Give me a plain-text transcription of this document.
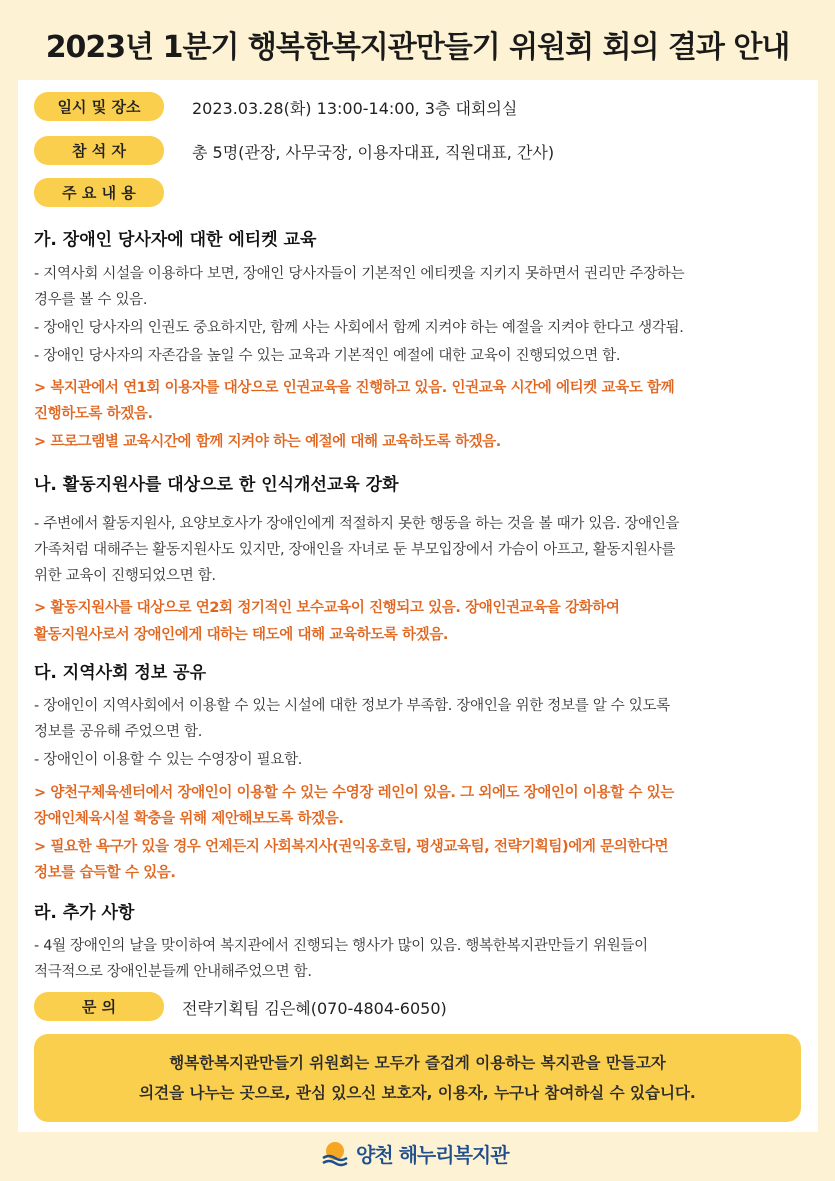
2023년 1분기 행복한복지관만들기 위원회 회의 결과 안내
일시 및 장소	2023.03.28(화) 13:00-14:00, 3층 대회의실
참 석 자	총 5명(관장, 사무국장, 이용자대표, 직원대표, 간사)
주 요 내 용
가. 장애인 당사자에 대한 에티켓 교육
- 지역사회 시설을 이용하다 보면, 장애인 당사자들이 기본적인 에티켓을 지키지 못하면서 권리만 주장하는
경우를 볼 수 있음.
- 장애인 당사자의 인권도 중요하지만, 함께 사는 사회에서 함께 지켜야 하는 예절을 지켜야 한다고 생각됨.
- 장애인 당사자의 자존감을 높일 수 있는 교육과 기본적인 예절에 대한 교육이 진행되었으면 함.
> 복지관에서 연1회 이용자를 대상으로 인권교육을 진행하고 있음. 인권교육 시간에 에티켓 교육도 함께
진행하도록 하겠음.
> 프로그램별 교육시간에 함께 지켜야 하는 예절에 대해 교육하도록 하겠음.
나. 활동지원사를 대상으로 한 인식개선교육 강화
- 주변에서 활동지원사, 요양보호사가 장애인에게 적절하지 못한 행동을 하는 것을 볼 때가 있음. 장애인을
가족처럼 대해주는 활동지원사도 있지만, 장애인을 자녀로 둔 부모입장에서 가슴이 아프고, 활동지원사를
위한 교육이 진행되었으면 함.
> 활동지원사를 대상으로 연2회 정기적인 보수교육이 진행되고 있음. 장애인권교육을 강화하여
활동지원사로서 장애인에게 대하는 태도에 대해 교육하도록 하겠음.
다. 지역사회 정보 공유
- 장애인이 지역사회에서 이용할 수 있는 시설에 대한 정보가 부족함. 장애인을 위한 정보를 알 수 있도록
정보를 공유해 주었으면 함.
- 장애인이 이용할 수 있는 수영장이 필요함.
> 양천구체육센터에서 장애인이 이용할 수 있는 수영장 레인이 있음. 그 외에도 장애인이 이용할 수 있는
장애인체육시설 확충을 위해 제안해보도록 하겠음.
> 필요한 욕구가 있을 경우 언제든지 사회복지사(권익옹호팀, 평생교육팀, 전략기획팀)에게 문의한다면
정보를 습득할 수 있음.
라. 추가 사항
- 4월 장애인의 날을 맞이하여 복지관에서 진행되는 행사가 많이 있음. 행복한복지관만들기 위원들이
적극적으로 장애인분들께 안내해주었으면 함.
문 의	전략기획팀 김은혜(070-4804-6050)
행복한복지관만들기 위원회는 모두가 즐겁게 이용하는 복지관을 만들고자
의견을 나누는 곳으로, 관심 있으신 보호자, 이용자, 누구나 참여하실 수 있습니다.
양천 해누리복지관
